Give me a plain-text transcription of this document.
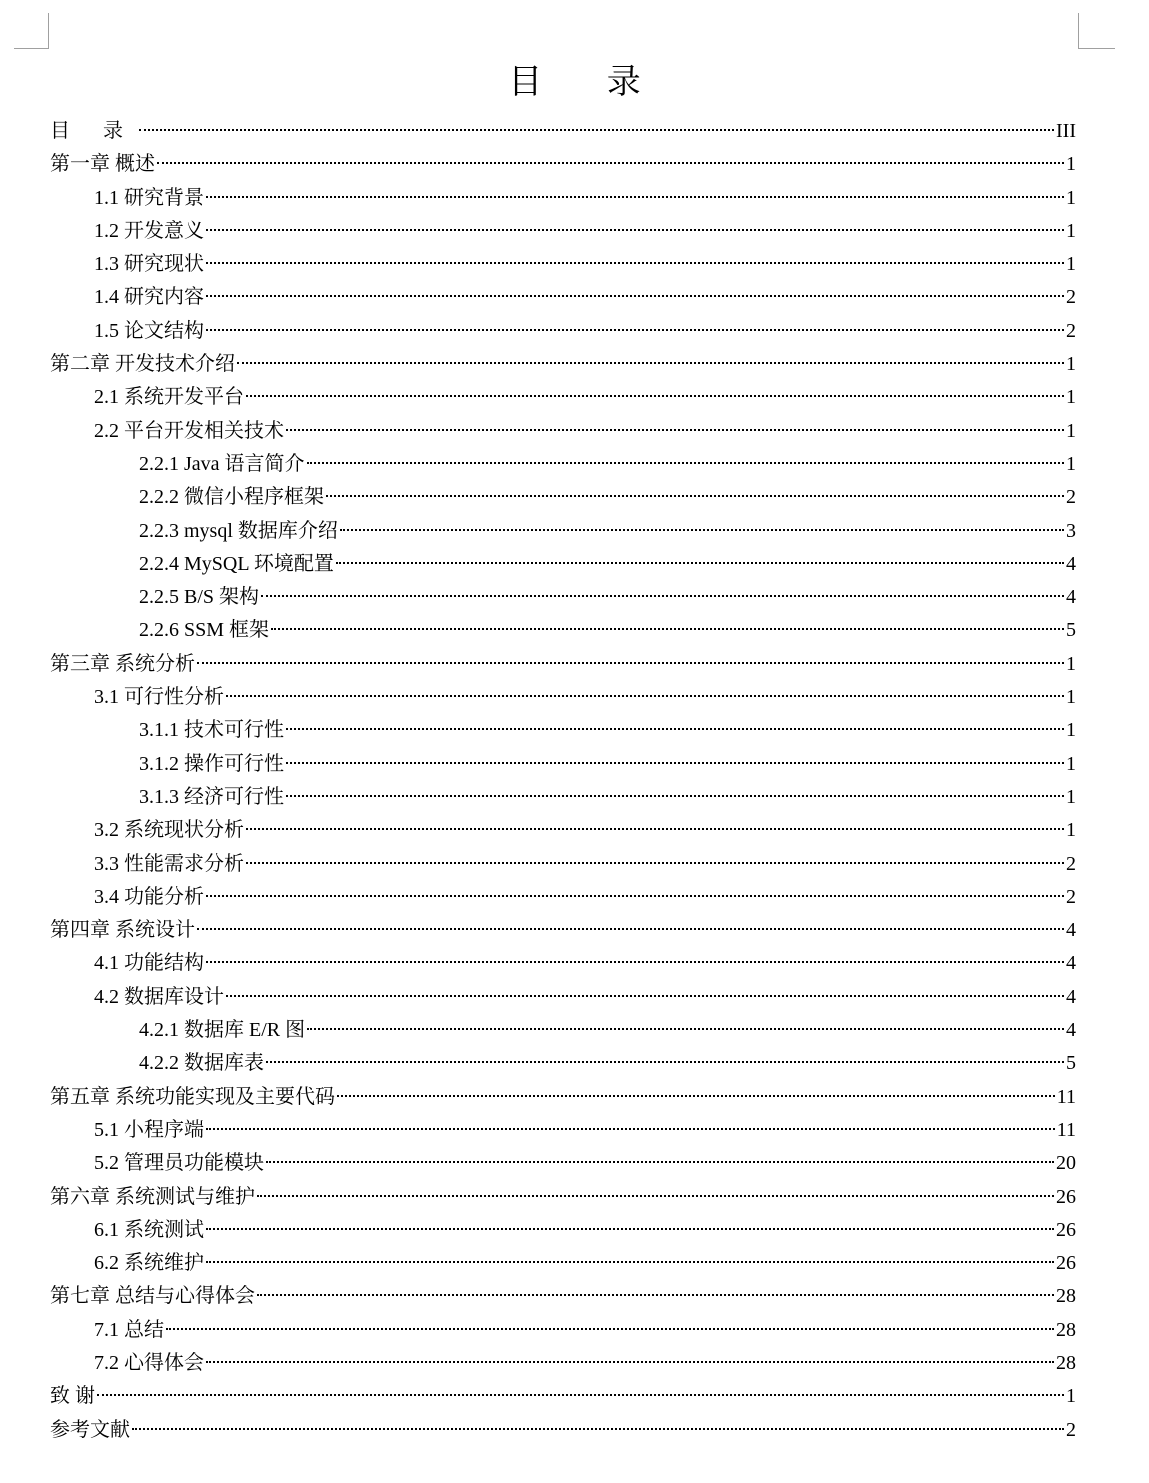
目 录
目 录	III
第一章 概述	1
1.1 研究背景	1
1.2 开发意义	1
1.3 研究现状	1
1.4 研究内容	2
1.5 论文结构	2
第二章 开发技术介绍	1
2.1 系统开发平台	1
2.2 平台开发相关技术	1
2.2.1 Java 语言简介	1
2.2.2 微信小程序框架	2
2.2.3 mysql 数据库介绍	3
2.2.4 MySQL 环境配置	4
2.2.5 B/S 架构	4
2.2.6 SSM 框架	5
第三章 系统分析	1
3.1 可行性分析	1
3.1.1 技术可行性	1
3.1.2 操作可行性	1
3.1.3 经济可行性	1
3.2 系统现状分析	1
3.3 性能需求分析	2
3.4 功能分析	2
第四章 系统设计	4
4.1 功能结构	4
4.2 数据库设计	4
4.2.1 数据库 E/R 图	4
4.2.2 数据库表	5
第五章 系统功能实现及主要代码	11
5.1 小程序端	11
5.2 管理员功能模块	20
第六章 系统测试与维护	26
6.1 系统测试	26
6.2 系统维护	26
第七章 总结与心得体会	28
7.1 总结	28
7.2 心得体会	28
致 谢	1
参考文献	2
